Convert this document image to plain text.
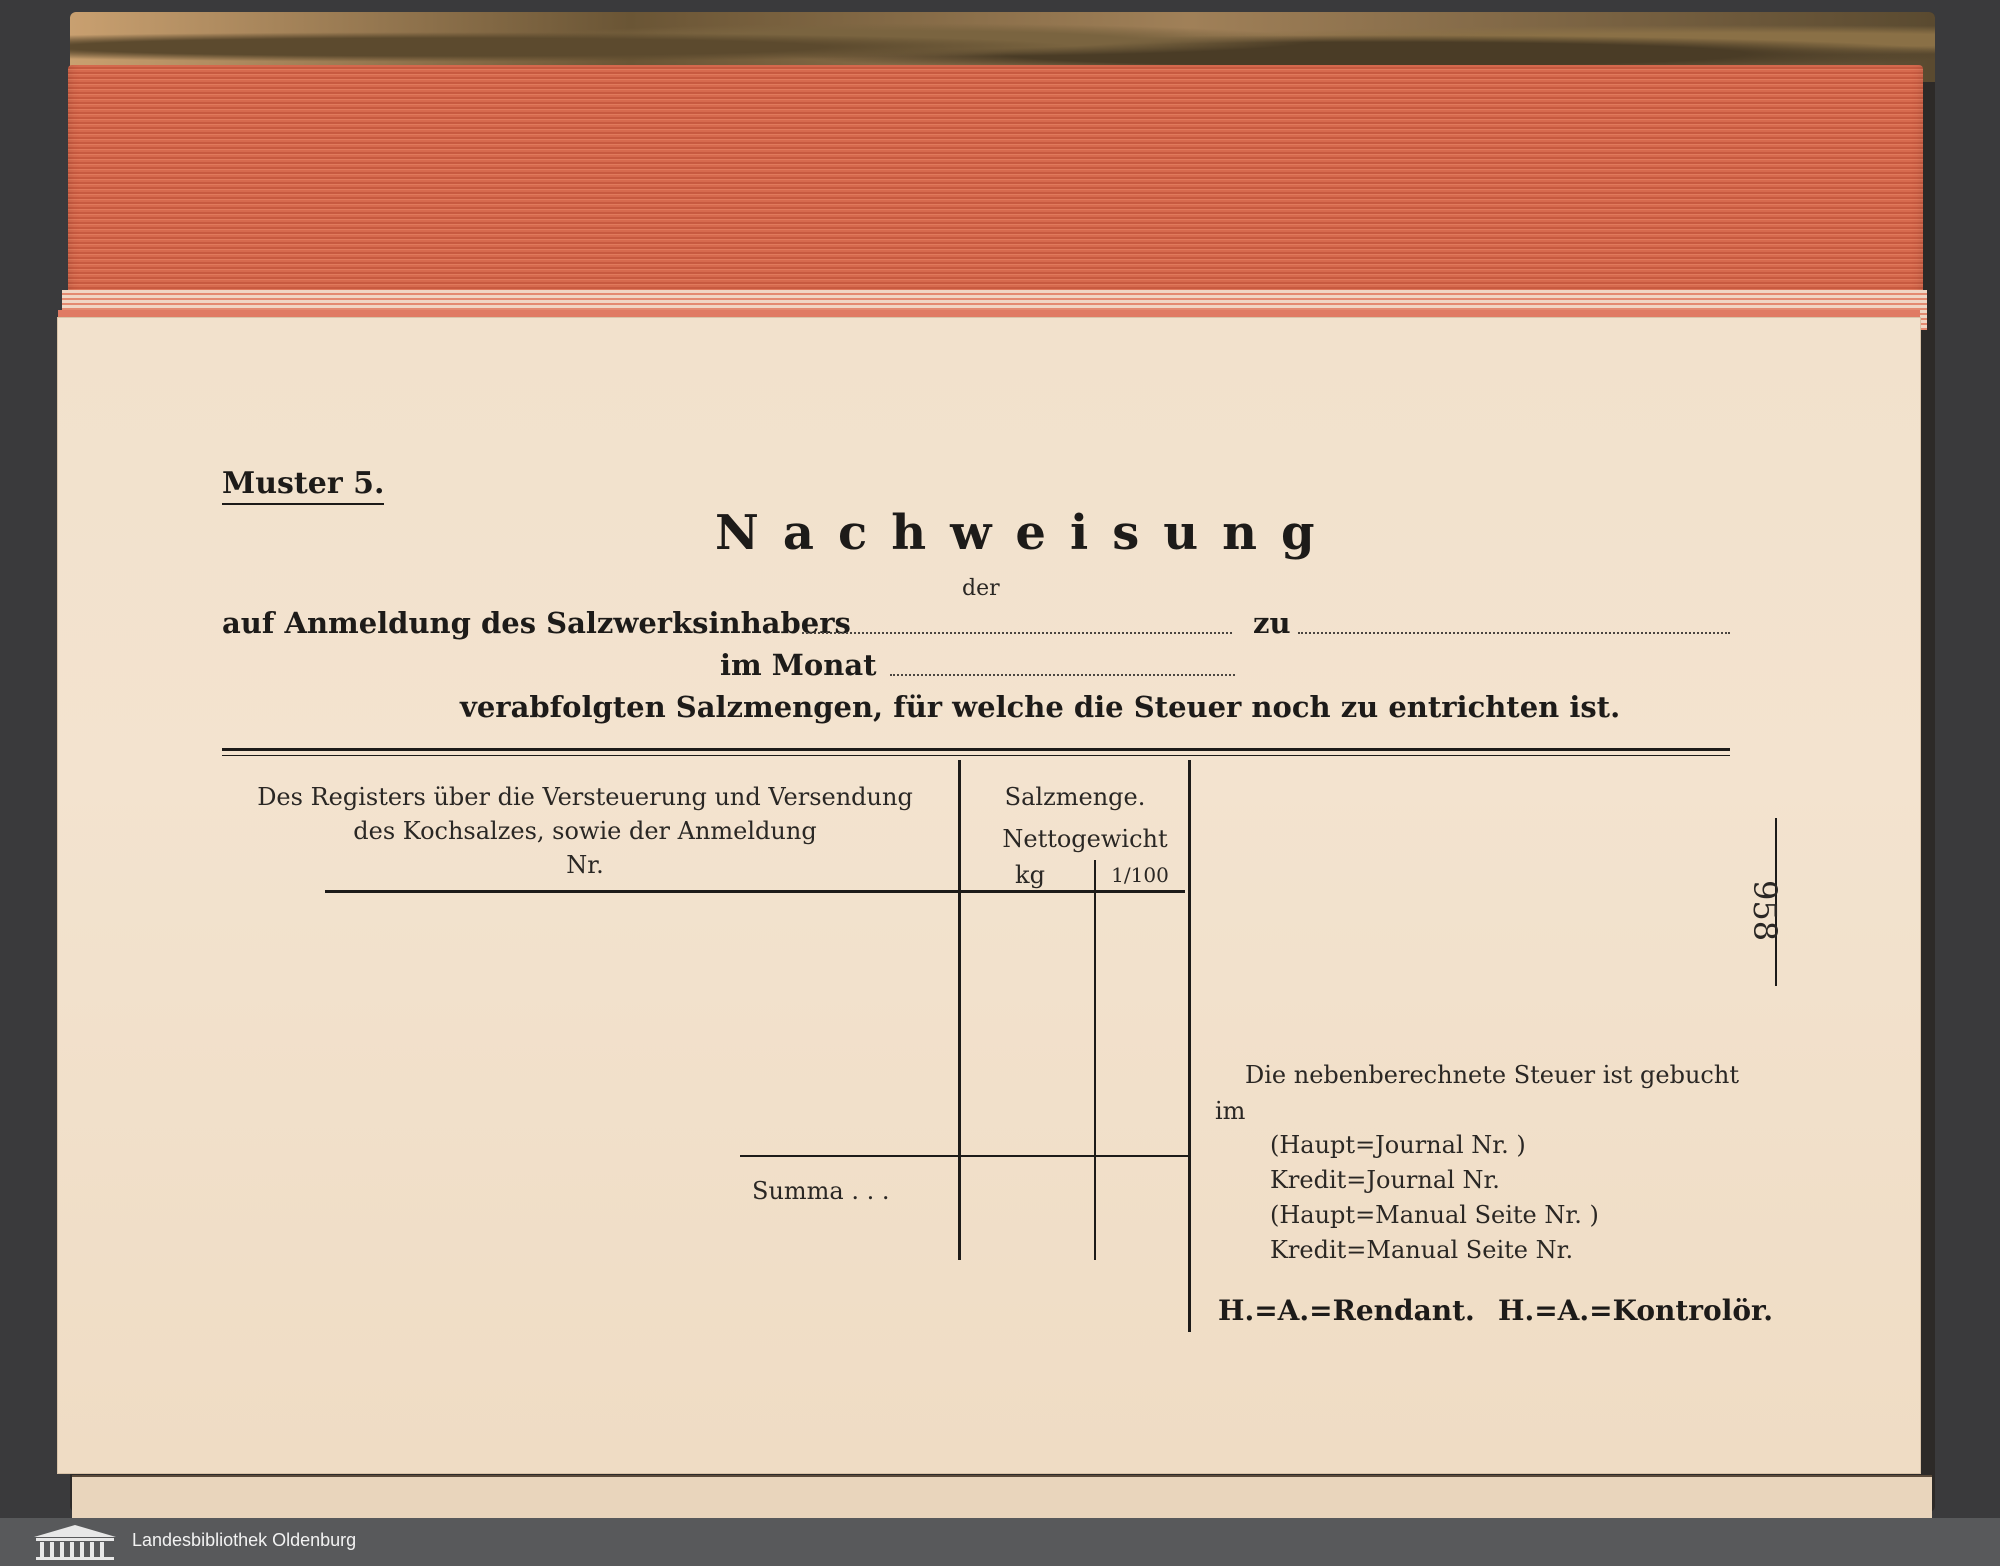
Muster 5.
Nachweisung
der
auf Anmeldung des Salzwerksinhabers	zu
im Monat
verabfolgten Salzmengen, für welche die Steuer noch zu entrichten ist.
Des Registers über die Versteuerung und Versendung
des Kochsalzes, sowie der Anmeldung
Nr.
Salzmenge.
Nettogewicht
kg	1/100
Summa . . .
Die nebenberechnete Steuer ist gebucht
im
(Haupt=Journal Nr. )
Kredit=Journal Nr.
(Haupt=Manual Seite Nr. )
Kredit=Manual Seite Nr.
H.=A.=Rendant. H.=A.=Kontrolör.
958
Landesbibliothek Oldenburg
